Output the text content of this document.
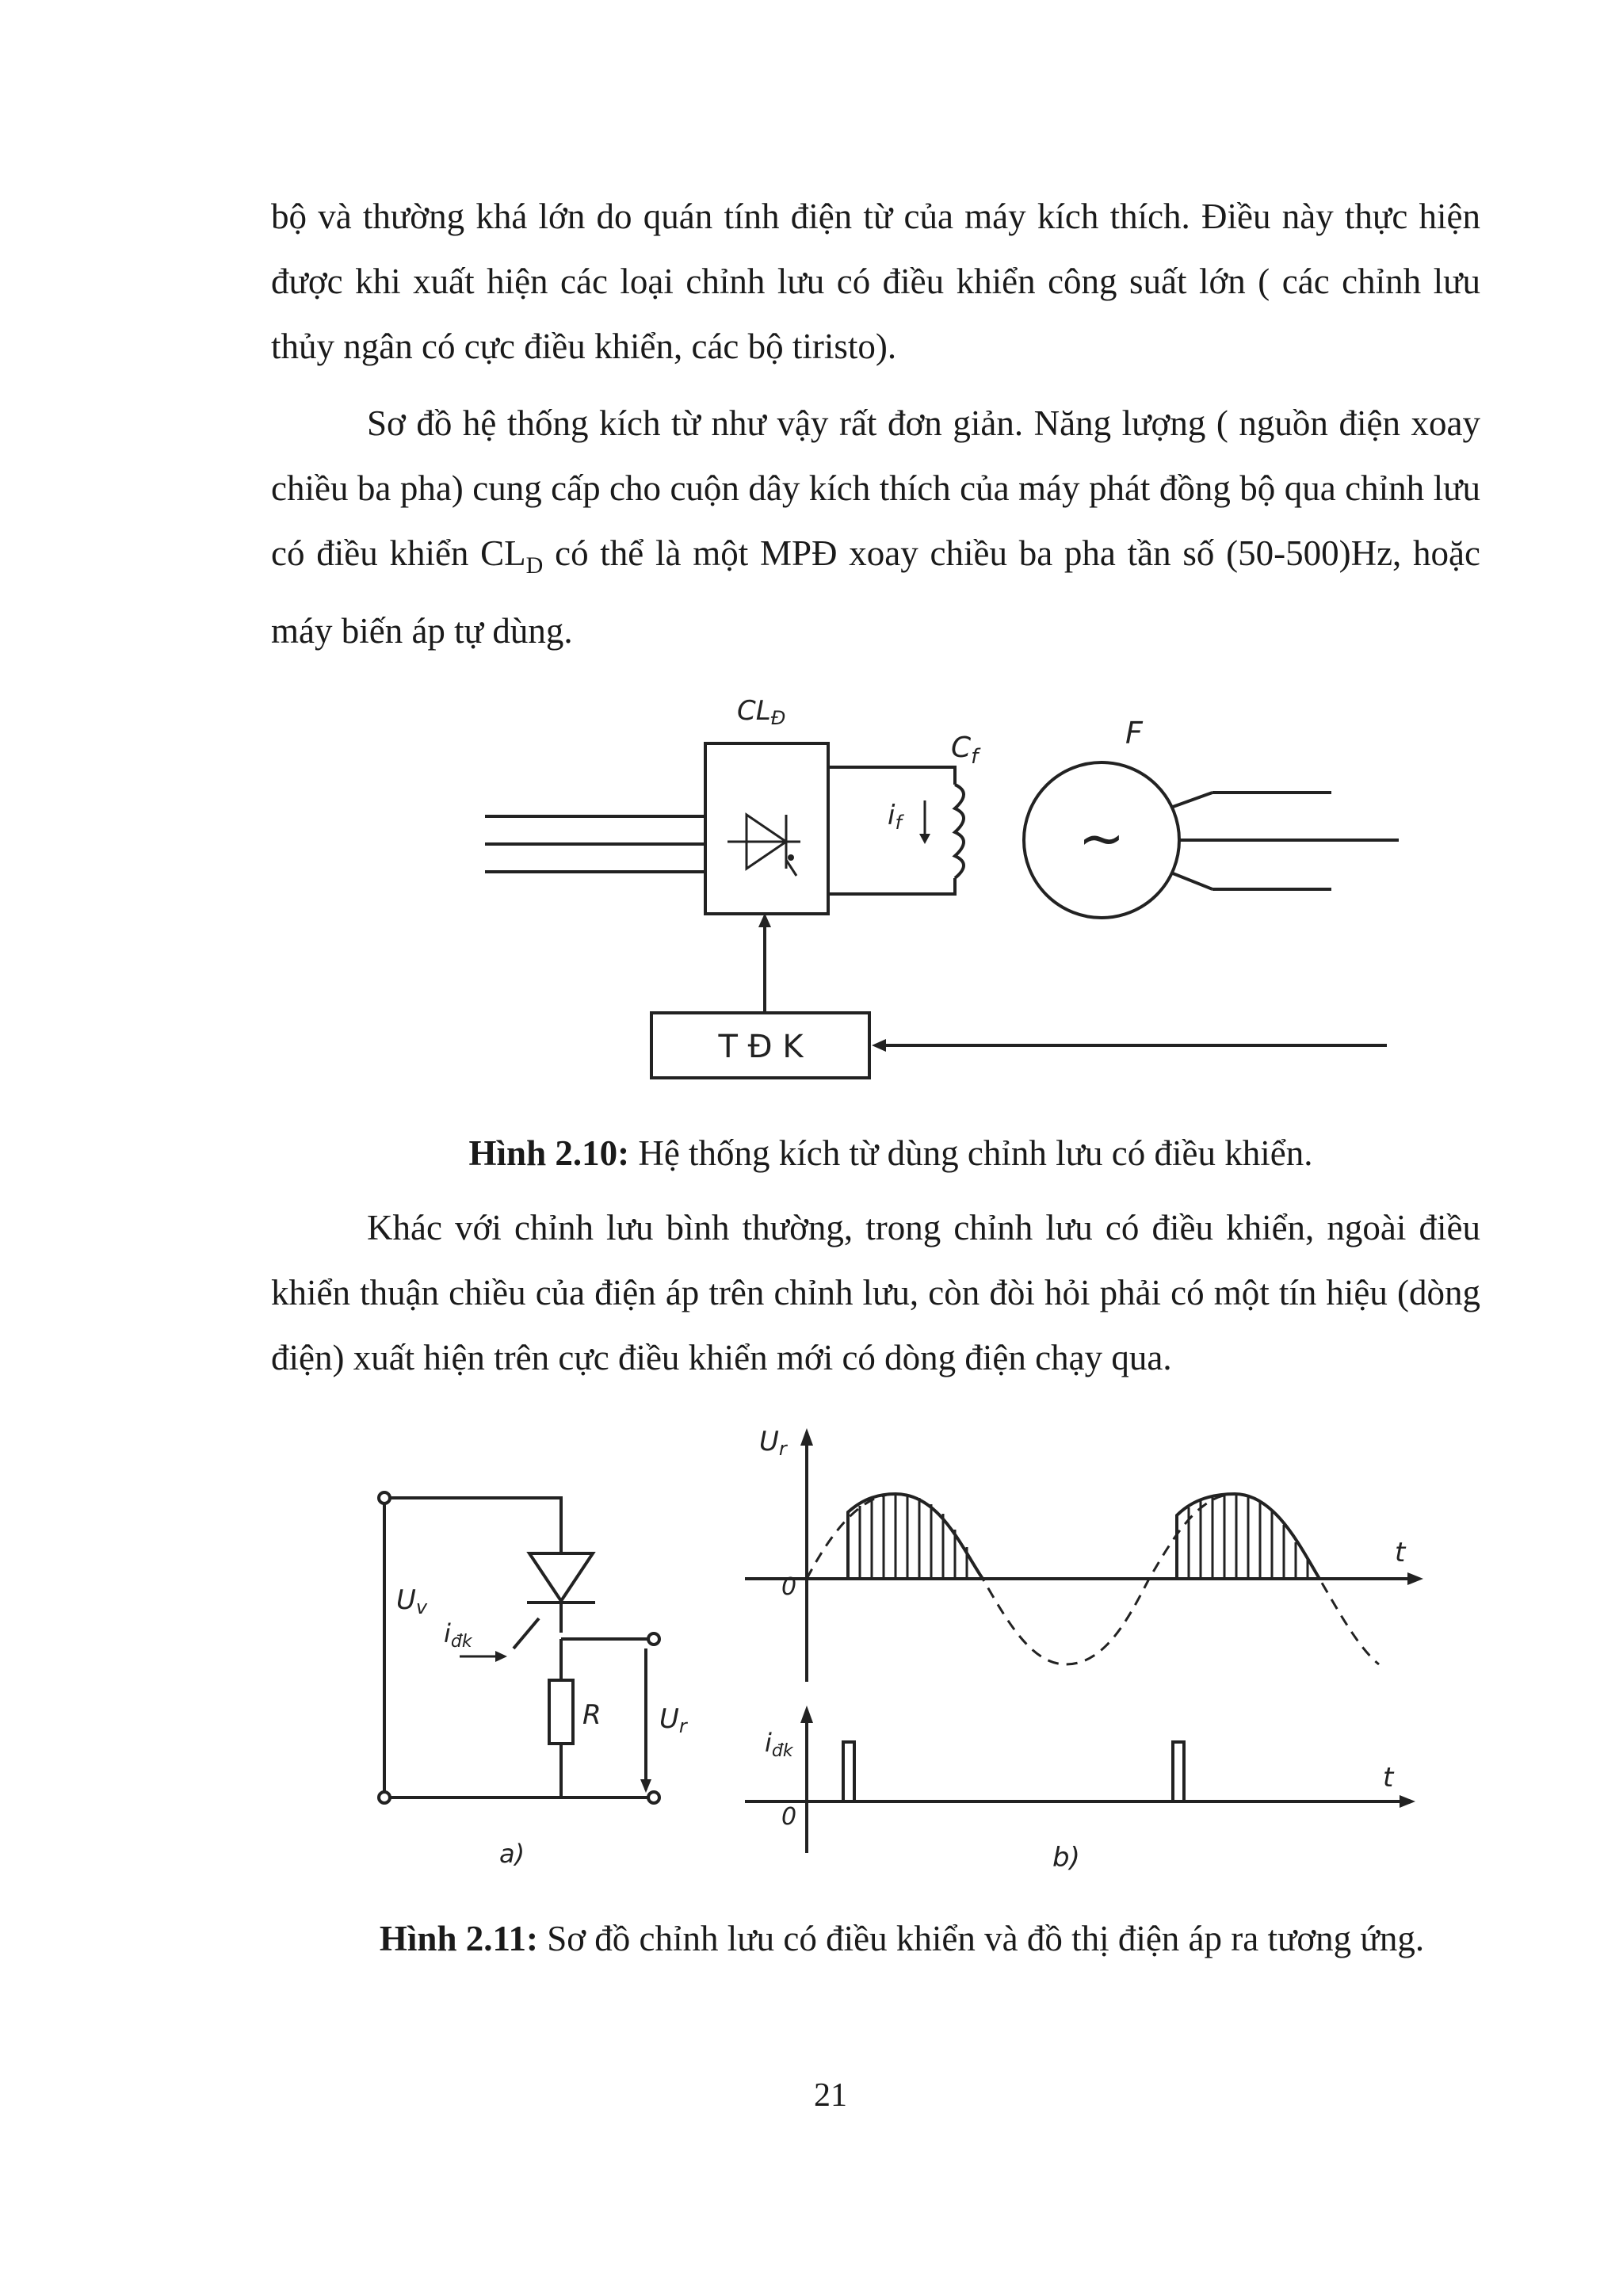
bộ và thường khá lớn do quán tính điện từ của máy kích thích. Điều này thực hiện được khi xuất hiện các loại chỉnh lưu có điều khiển công suất lớn ( các chỉnh lưu thủy ngân có cực điều khiển, các bộ tiristo).

Sơ đồ hệ thống kích từ như vậy rất đơn giản. Năng lượng ( nguồn điện xoay chiều ba pha) cung cấp cho cuộn dây kích thích của máy phát đồng bộ qua chỉnh lưu có điều khiển $CL_D$ có thể là một MPĐ xoay chiều ba pha tần số (50-500)Hz, hoặc máy biến áp tự dùng.

CLĐ
$C_f$
if
F
~
T Đ K
Hình 2.10: Hệ thống kích từ dùng chỉnh lưu có điều khiển.

Khác với chỉnh lưu bình thường, trong chỉnh lưu có điều khiển, ngoài điều khiển thuận chiều của điện áp trên chỉnh lưu, còn đòi hỏi phải có một tín hiệu (dòng điện) xuất hiện trên cực điều khiển mới có dòng điện chạy qua.

Uv
iđk
R Ur
a)
Ur
0
t
iđk
0
t
b)
Hình 2.11: Sơ đồ chỉnh lưu có điều khiển và đồ thị điện áp ra tương ứng.
21
